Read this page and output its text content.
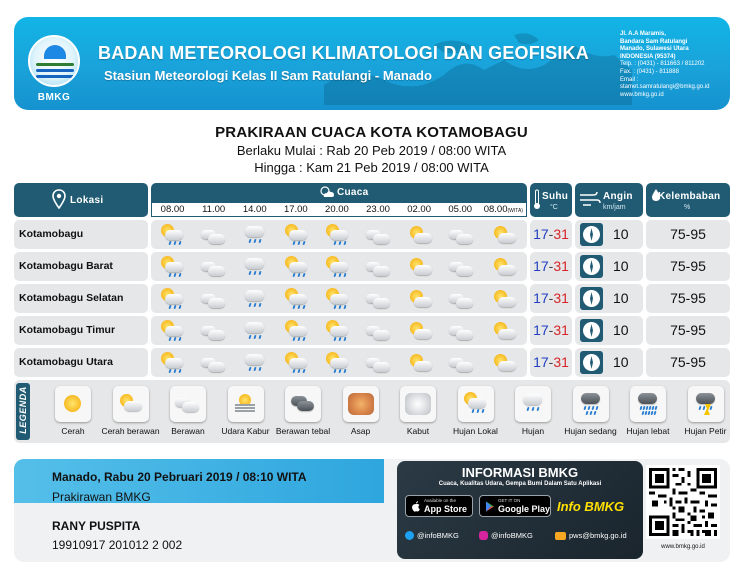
BMKG
BADAN METEOROLOGI KLIMATOLOGI DAN GEOFISIKA
Stasiun Meteorologi Kelas II Sam Ratulangi - Manado
Jl. A.A Maramis,
Bandara Sam Ratulangi
Manado, Sulawesi Utara
INDONESIA (95374)
Telp. : (0431) - 811663 / 811202
Fax. : (0431) - 811888
Email :
stamet.samratulangi@bmkg.go.id
www.bmkg.go.id
PRAKIRAAN CUACA KOTA KOTAMOBAGU
Berlaku Mulai : Rab 20 Peb 2019 / 08:00 WITA
Hingga : Kam 21 Peb 2019 / 08:00 WITA
Lokasi
Cuaca
08.00	11.00	14.00	17.00	20.00	23.00	02.00	05.00	08.00(WITA)
Suhu
°C
Angin
km/jam
Kelembaban
%
Kotamobagu	17-31	10	75-95
Kotamobagu Barat	17-31	10	75-95
Kotamobagu Selatan	17-31	10	75-95
Kotamobagu Timur	17-31	10	75-95
Kotamobagu Utara	17-31	10	75-95
LEGENDA	Cerah	Cerah berawan	Berawan	Udara Kabur Berawan tebal	Asap	Kabut	Hujan Lokal	Hujan	Hujan sedang	Hujan lebat	Hujan Petir
Manado, Rabu 20 Pebruari 2019 / 08:10 WITA
Prakirawan BMKG
RANY PUSPITA
19910917 201012 2 002
INFORMASI BMKG
Cuaca, Kualitas Udara, Gempa Bumi Dalam Satu Aplikasi
Available on the
App Store
GET IT ON
Google Play Info BMKG
@infoBMKG	@infoBMKG	pws@bmkg.go.id
www.bmkg.go.id
